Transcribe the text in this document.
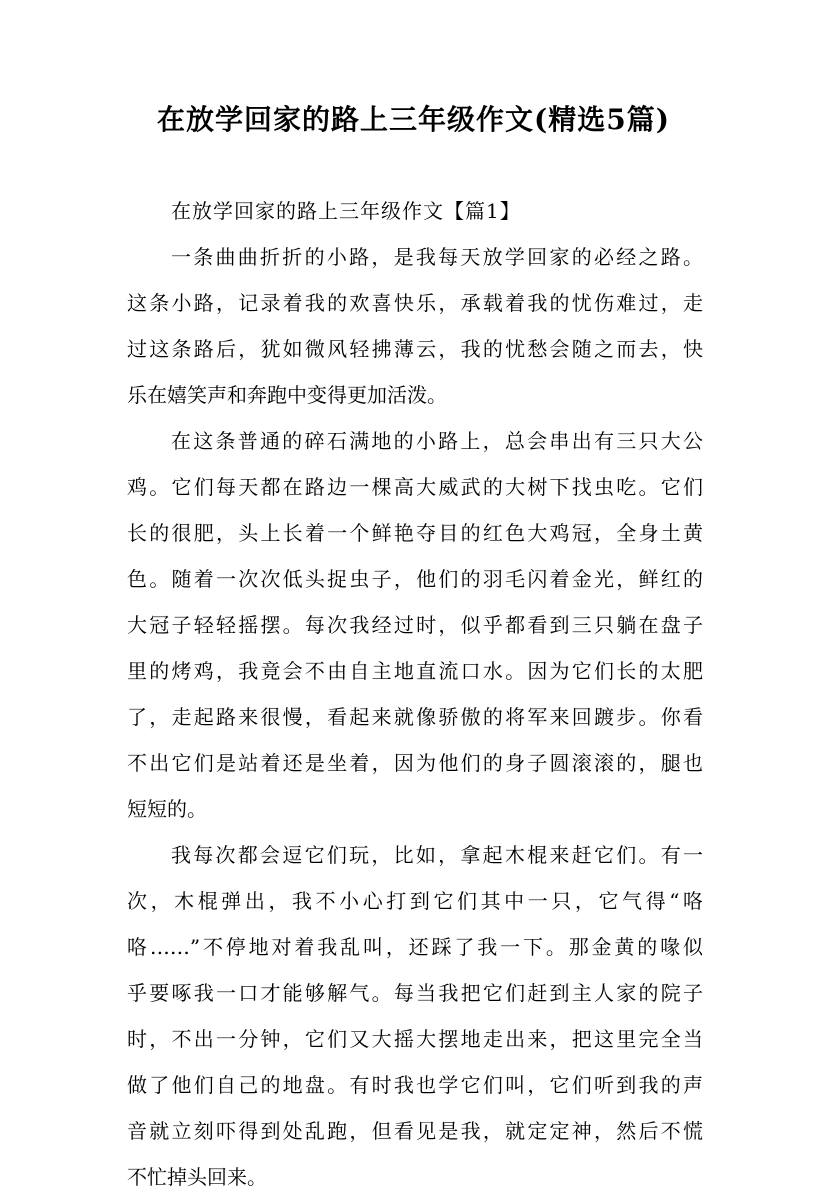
在放学回家的路上三年级作文(精选5篇)
在放学回家的路上三年级作文【篇1】
一条曲曲折折的小路，是我每天放学回家的必经之路。
这条小路，记录着我的欢喜快乐，承载着我的忧伤难过，走
过这条路后，犹如微风轻拂薄云，我的忧愁会随之而去，快
乐在嬉笑声和奔跑中变得更加活泼。
在这条普通的碎石满地的小路上，总会串出有三只大公
鸡。它们每天都在路边一棵高大威武的大树下找虫吃。它们
长的很肥，头上长着一个鲜艳夺目的红色大鸡冠，全身土黄
色。随着一次次低头捉虫子，他们的羽毛闪着金光，鲜红的
大冠子轻轻摇摆。每次我经过时，似乎都看到三只躺在盘子
里的烤鸡，我竟会不由自主地直流口水。因为它们长的太肥
了，走起路来很慢，看起来就像骄傲的将军来回踱步。你看
不出它们是站着还是坐着，因为他们的身子圆滚滚的，腿也
短短的。
我每次都会逗它们玩，比如，拿起木棍来赶它们。有一
次，木棍弹出，我不小心打到它们其中一只，它气得“咯
咯……”不停地对着我乱叫，还踩了我一下。那金黄的喙似
乎要啄我一口才能够解气。每当我把它们赶到主人家的院子
时，不出一分钟，它们又大摇大摆地走出来，把这里完全当
做了他们自己的地盘。有时我也学它们叫，它们听到我的声
音就立刻吓得到处乱跑，但看见是我，就定定神，然后不慌
不忙掉头回来。
